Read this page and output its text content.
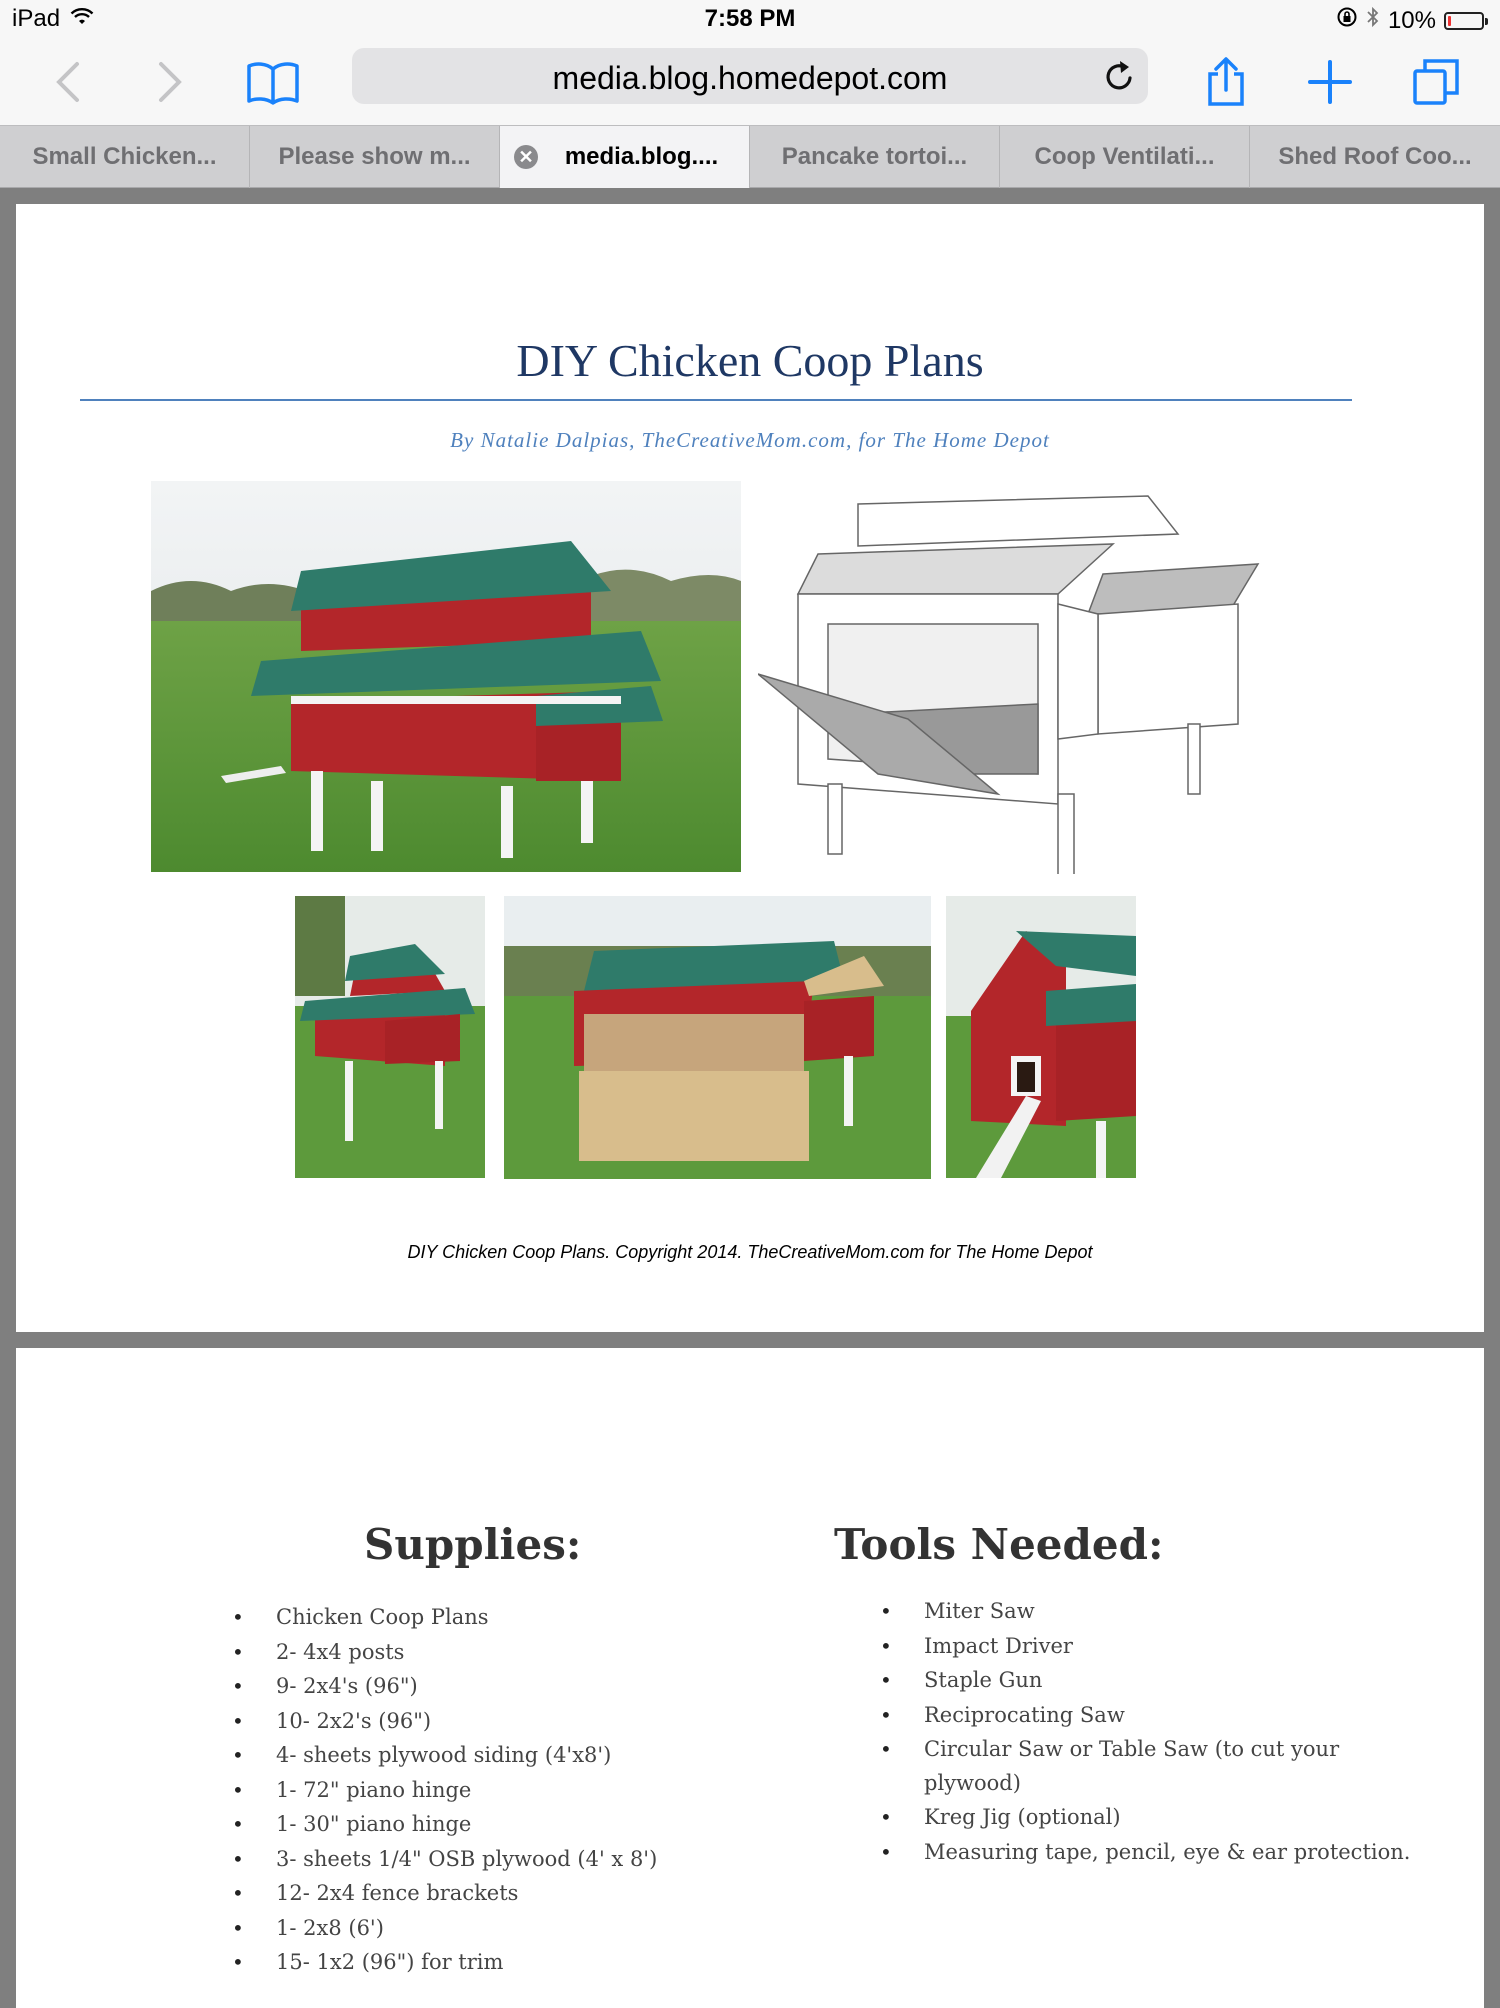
iPad	7:58 PM	10%
media.blog.homedepot.com
Small Chicken...	Please show m...	✕	media.blog....	Pancake tortoi...	Coop Ventilati...	Shed Roof Coo...
DIY Chicken Coop Plans
By Natalie Dalpias, TheCreativeMom.com, for The Home Depot
DIY Chicken Coop Plans. Copyright 2014. TheCreativeMom.com for The Home Depot
Supplies:	Tools Needed:
• Chicken Coop Plans
• 2- 4x4 posts
• 9- 2x4's (96")
• 10- 2x2's (96")
• 4- sheets plywood siding (4'x8')
• 1- 72" piano hinge
• 1- 30" piano hinge
• 3- sheets 1/4" OSB plywood (4' x 8')
• 12- 2x4 fence brackets
• 1- 2x8 (6')
• 15- 1x2 (96") for trim
• Miter Saw
• Impact Driver
• Staple Gun
• Reciprocating Saw
• Circular Saw or Table Saw (to cut your plywood)
• Kreg Jig (optional)
• Measuring tape, pencil, eye & ear protection.
